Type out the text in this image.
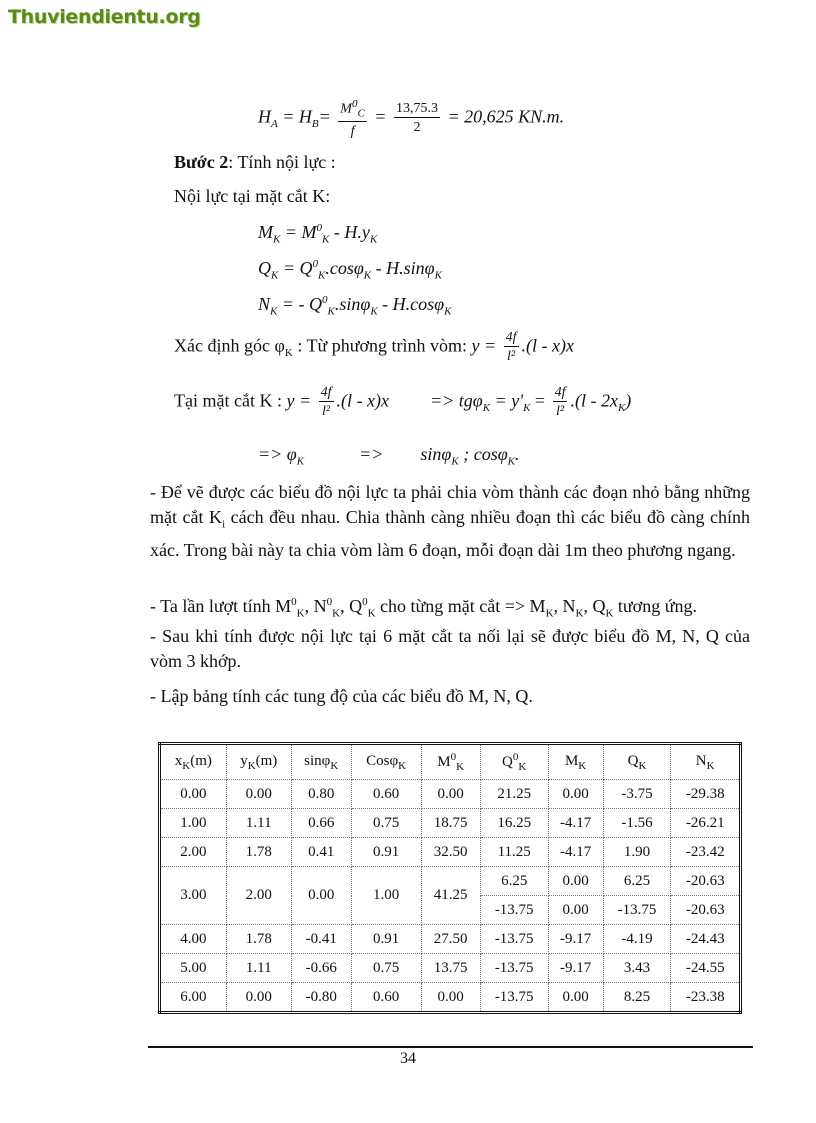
Thuviendientu.org
$H_A = H_B= \frac{M^0_C}{f} = \frac{13,75.3}{2} = 20,625$ KN.m.
Bước 2: Tính nội lực :
Nội lực tại mặt cắt K:
$M_K = M^0_K - H.y_K$
$Q_K = Q^0_K.\cos\varphi_K - H.\sin\varphi_K$
$N_K$ = - $Q^0_K.\sin\varphi_K - H.\cos\varphi_K$
Xác định góc $\varphi_K$ : Từ phương trình vòm: $y = \frac{4f}{\text{l²}} .(l - x)x$
Tại mặt cắt K : $y = \frac{4f}{\text{l²}} .(l - x)x => tg\varphi_K = y'_K = \frac{4f}{\text{l²}} .(l - 2x_K)$
=> $\varphi_K$	=> sinφ$_K$ ; cosφ$_K$.
- Để vẽ được các biểu đồ nội lực ta phải chia vòm thành các đoạn nhỏ bằng những mặt cắt $K_i$ cách đều nhau. Chia thành càng nhiều đoạn thì các biểu đồ càng chính xác. Trong bài này ta chia vòm làm 6 đoạn, mỗi đoạn dài 1m theo phương ngang.
- Ta lần lượt tính $M^0_K$, $N^0_K$, $Q^0_K$ cho từng mặt cắt => $M_K$, $N_K$, $Q_K$ tương ứng.
- Sau khi tính được nội lực tại 6 mặt cắt ta nối lại sẽ được biểu đồ M, N, Q của vòm 3 khớp.
- Lập bảng tính các tung độ của các biểu đồ M, N, Q.
$x_K(m)$	$y_K(m)$	sinφ$_K$	Cosφ$_K$	$M^0_K$	$Q^0_K$	$M_K$	$Q_K$	$N_K$
0.00	0.00	0.80	0.60	0.00	21.25	0.00	-3.75	-29.38
1.00	1.11	0.66	0.75	18.75	16.25	-4.17	-1.56	-26.21
2.00	1.78	0.41	0.91	32.50	11.25	-4.17	1.90	-23.42
3.00	2.00	0.00	1.00	41.25	6.25	0.00	6.25	-20.63
					-13.75	0.00	-13.75	-20.63
4.00	1.78	-0.41	0.91	27.50	-13.75	-9.17	-4.19	-24.43
5.00	1.11	-0.66	0.75	13.75	-13.75	-9.17	3.43	-24.55
6.00	0.00	-0.80	0.60	0.00	-13.75	0.00	8.25	-23.38
34
